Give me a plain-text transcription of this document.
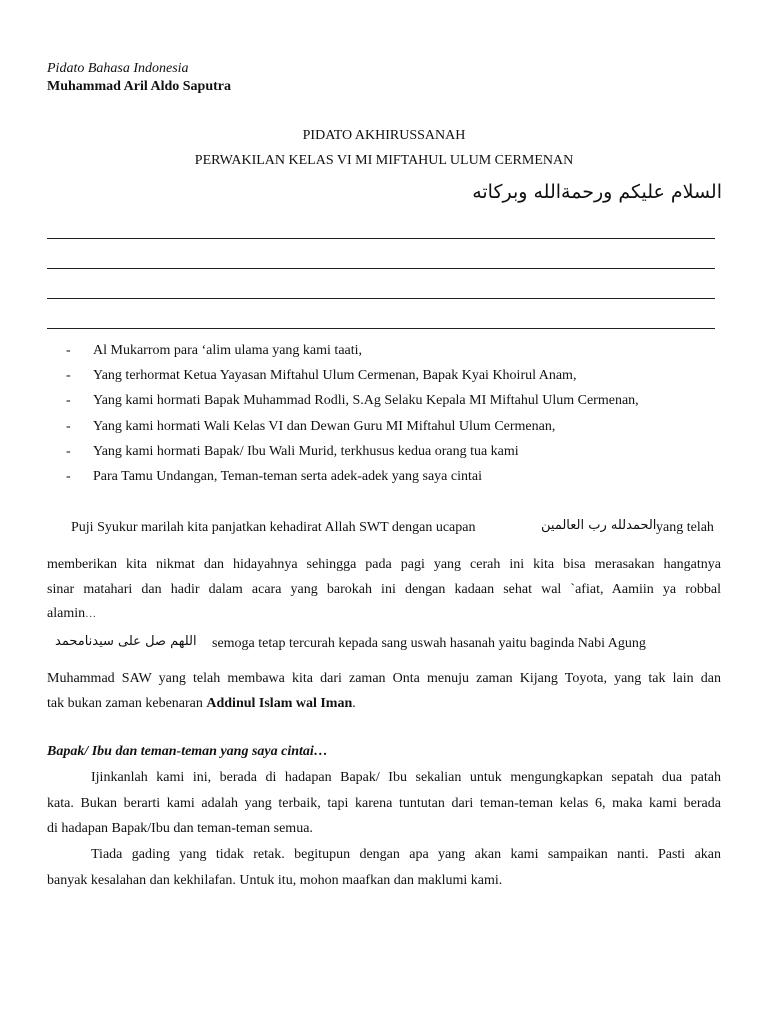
Pidato Bahasa Indonesia
Muhammad Aril Aldo Saputra
PIDATO AKHIRUSSANAH
PERWAKILAN KELAS VI MI MIFTAHUL ULUM CERMENAN
السلام عليكم ورحمةالله وبركاته
- Al Mukarrom para ‘alim ulama yang kami taati,
- Yang terhormat Ketua Yayasan Miftahul Ulum Cermenan, Bapak Kyai Khoirul Anam,
- Yang kami hormati Bapak Muhammad Rodli, S.Ag Selaku Kepala MI Miftahul Ulum Cermenan,
- Yang kami hormati Wali Kelas VI dan Dewan Guru MI Miftahul Ulum Cermenan,
- Yang kami hormati Bapak/ Ibu Wali Murid, terkhusus kedua orang tua kami
- Para Tamu Undangan, Teman-teman serta adek-adek yang saya cintai
Puji Syukur marilah kita panjatkan kehadirat Allah SWT dengan ucapan	الحمدلله رب العالمين yang telah
memberikan kita nikmat dan hidayahnya sehingga pada pagi yang cerah ini kita bisa merasakan hangatnya
sinar matahari dan hadir dalam acara yang barokah ini dengan kadaan sehat wal `afiat, Aamiin ya robbal
alamin…
اللهم صل على سيدنامحمد semoga tetap tercurah kepada sang uswah hasanah yaitu baginda Nabi Agung
Muhammad SAW yang telah membawa kita dari zaman Onta menuju zaman Kijang Toyota, yang tak lain dan
tak bukan zaman kebenaran Addinul Islam wal Iman.
Bapak/ Ibu dan teman-teman yang saya cintai…
Ijinkanlah kami ini, berada di hadapan Bapak/ Ibu sekalian untuk mengungkapkan sepatah dua patah
kata. Bukan berarti kami adalah yang terbaik, tapi karena tuntutan dari teman-teman kelas 6, maka kami berada
di hadapan Bapak/Ibu dan teman-teman semua.
Tiada gading yang tidak retak. begitupun dengan apa yang akan kami sampaikan nanti. Pasti akan
banyak kesalahan dan kekhilafan. Untuk itu, mohon maafkan dan maklumi kami.
